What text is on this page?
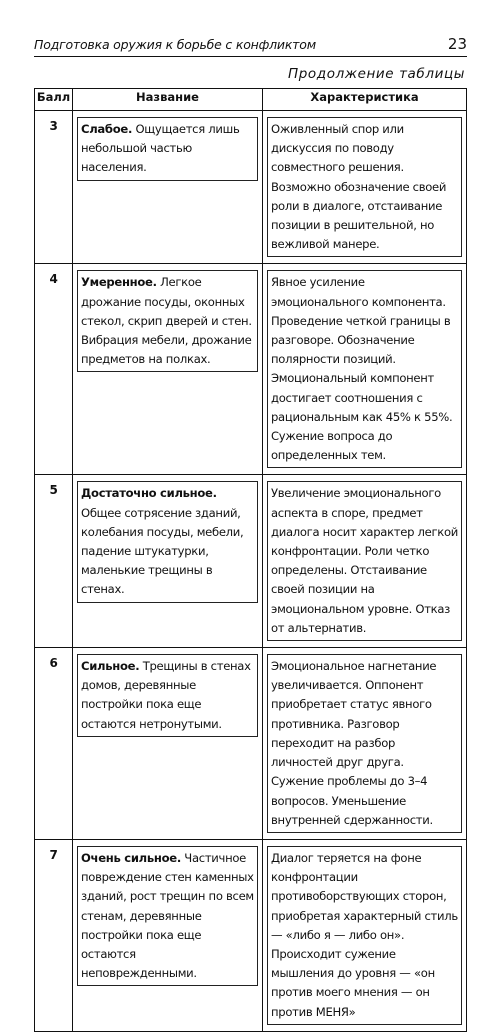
Подготовка оружия к борьбе с конфликтом	23
Продолжение таблицы
Балл	Название	Характеристика
3	Слабое. Ощущается лишь небольшой частью населения.	Оживленный спор или дискуссия по поводу совместного решения. Возможно обозначение своей роли в диалоге, отстаивание позиции в решительной, но вежливой манере.

4	Умеренное. Легкое дрожание посуды, оконных стекол, скрип дверей и стен. Вибрация мебели, дрожание предметов на полках.	Явное усиление эмоционального компонента. Проведение четкой границы в разговоре. Обозначение полярности позиций. Эмоциональный компонент достигает соотношения с рациональным как 45% к 55%. Сужение вопроса до определенных тем.

5	Достаточно сильное. Общее сотрясение зданий, колебания посуды, мебели, падение штукатурки, маленькие трещины в стенах.	Увеличение эмоционального аспекта в споре, предмет диалога носит характер легкой конфронтации. Роли четко определены. Отстаивание своей позиции на эмоциональном уровне. Отказ от альтернатив.

6	Сильное. Трещины в стенах домов, деревянные постройки пока еще остаются нетронутыми.	Эмоциональное нагнетание увеличивается. Оппонент приобретает статус явного противника. Разговор переходит на разбор личностей друг друга. Сужение проблемы до 3–4 вопросов. Уменьшение внутренней сдержанности.

7	Очень сильное. Частичное повреждение стен каменных зданий, рост трещин по всем стенам, деревянные постройки пока еще остаются неповрежденными.	Диалог теряется на фоне конфронтации противоборствующих сторон, приобретая характерный стиль — «либо я — либо он». Происходит сужение мышления до уровня — «он против моего мнения — он против МЕНЯ»
